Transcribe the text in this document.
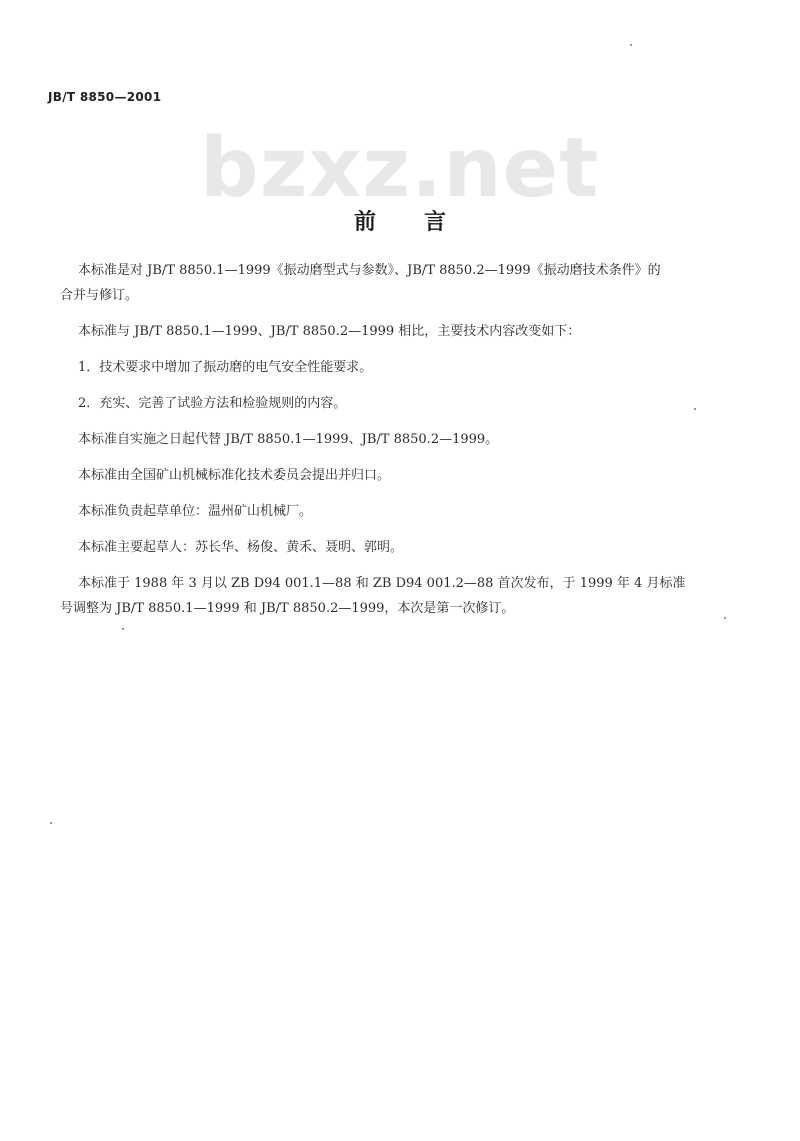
JB/T 8850—2001
bzxz.net
前言
本标准是对 JB/T 8850.1—1999《振动磨型式与参数》、JB/T 8850.2—1999《振动磨技术条件》的
合并与修订。
本标准与 JB/T 8850.1—1999、JB/T 8850.2—1999 相比，主要技术内容改变如下：
1．技术要求中增加了振动磨的电气安全性能要求。
2．充实、完善了试验方法和检验规则的内容。
本标准自实施之日起代替 JB/T 8850.1—1999、JB/T 8850.2—1999。
本标准由全国矿山机械标准化技术委员会提出并归口。
本标准负责起草单位：温州矿山机械厂。
本标准主要起草人：苏长华、杨俊、黄禾、聂明、郭明。
本标准于 1988 年 3 月以 ZB D94 001.1—88 和 ZB D94 001.2—88 首次发布，于 1999 年 4 月标准
号调整为 JB/T 8850.1—1999 和 JB/T 8850.2—1999，本次是第一次修订。
